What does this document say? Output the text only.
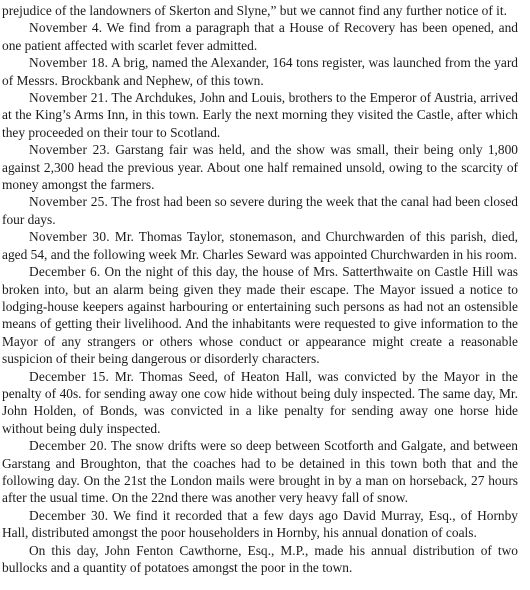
prejudice of the landowners of Skerton and Slyne,” but we cannot find any further notice of it.

November 4. We find from a paragraph that a House of Recovery has been opened, and one patient affected with scarlet fever admitted.

November 18. A brig, named the Alexander, 164 tons register, was launched from the yard of Messrs. Brockbank and Nephew, of this town.

November 21. The Archdukes, John and Louis, brothers to the Emperor of Austria, arrived at the King’s Arms Inn, in this town. Early the next morning they visited the Castle, after which they proceeded on their tour to Scotland.

November 23. Garstang fair was held, and the show was small, their being only 1,800 against 2,300 head the previous year. About one half remained unsold, owing to the scarcity of money amongst the farmers.

November 25. The frost had been so severe during the week that the canal had been closed four days.

November 30. Mr. Thomas Taylor, stonemason, and Churchwarden of this parish, died, aged 54, and the following week Mr. Charles Seward was appointed Churchwarden in his room.

December 6. On the night of this day, the house of Mrs. Satterthwaite on Castle Hill was broken into, but an alarm being given they made their escape. The Mayor issued a notice to lodging-house keepers against harbouring or entertaining such persons as had not an ostensible means of getting their livelihood. And the inhabitants were requested to give information to the Mayor of any strangers or others whose conduct or appearance might create a reasonable suspicion of their being dangerous or disorderly characters.

December 15. Mr. Thomas Seed, of Heaton Hall, was convicted by the Mayor in the penalty of 40s. for sending away one cow hide without being duly inspected. The same day, Mr. John Holden, of Bonds, was convicted in a like penalty for sending away one horse hide without being duly inspected.

December 20. The snow drifts were so deep between Scotforth and Galgate, and between Garstang and Broughton, that the coaches had to be detained in this town both that and the following day. On the 21st the London mails were brought in by a man on horseback, 27 hours after the usual time. On the 22nd there was another very heavy fall of snow.

December 30. We find it recorded that a few days ago David Murray, Esq., of Hornby Hall, distributed amongst the poor householders in Hornby, his annual donation of coals.

On this day, John Fenton Cawthorne, Esq., M.P., made his annual distribution of two bullocks and a quantity of potatoes amongst the poor in the town.
